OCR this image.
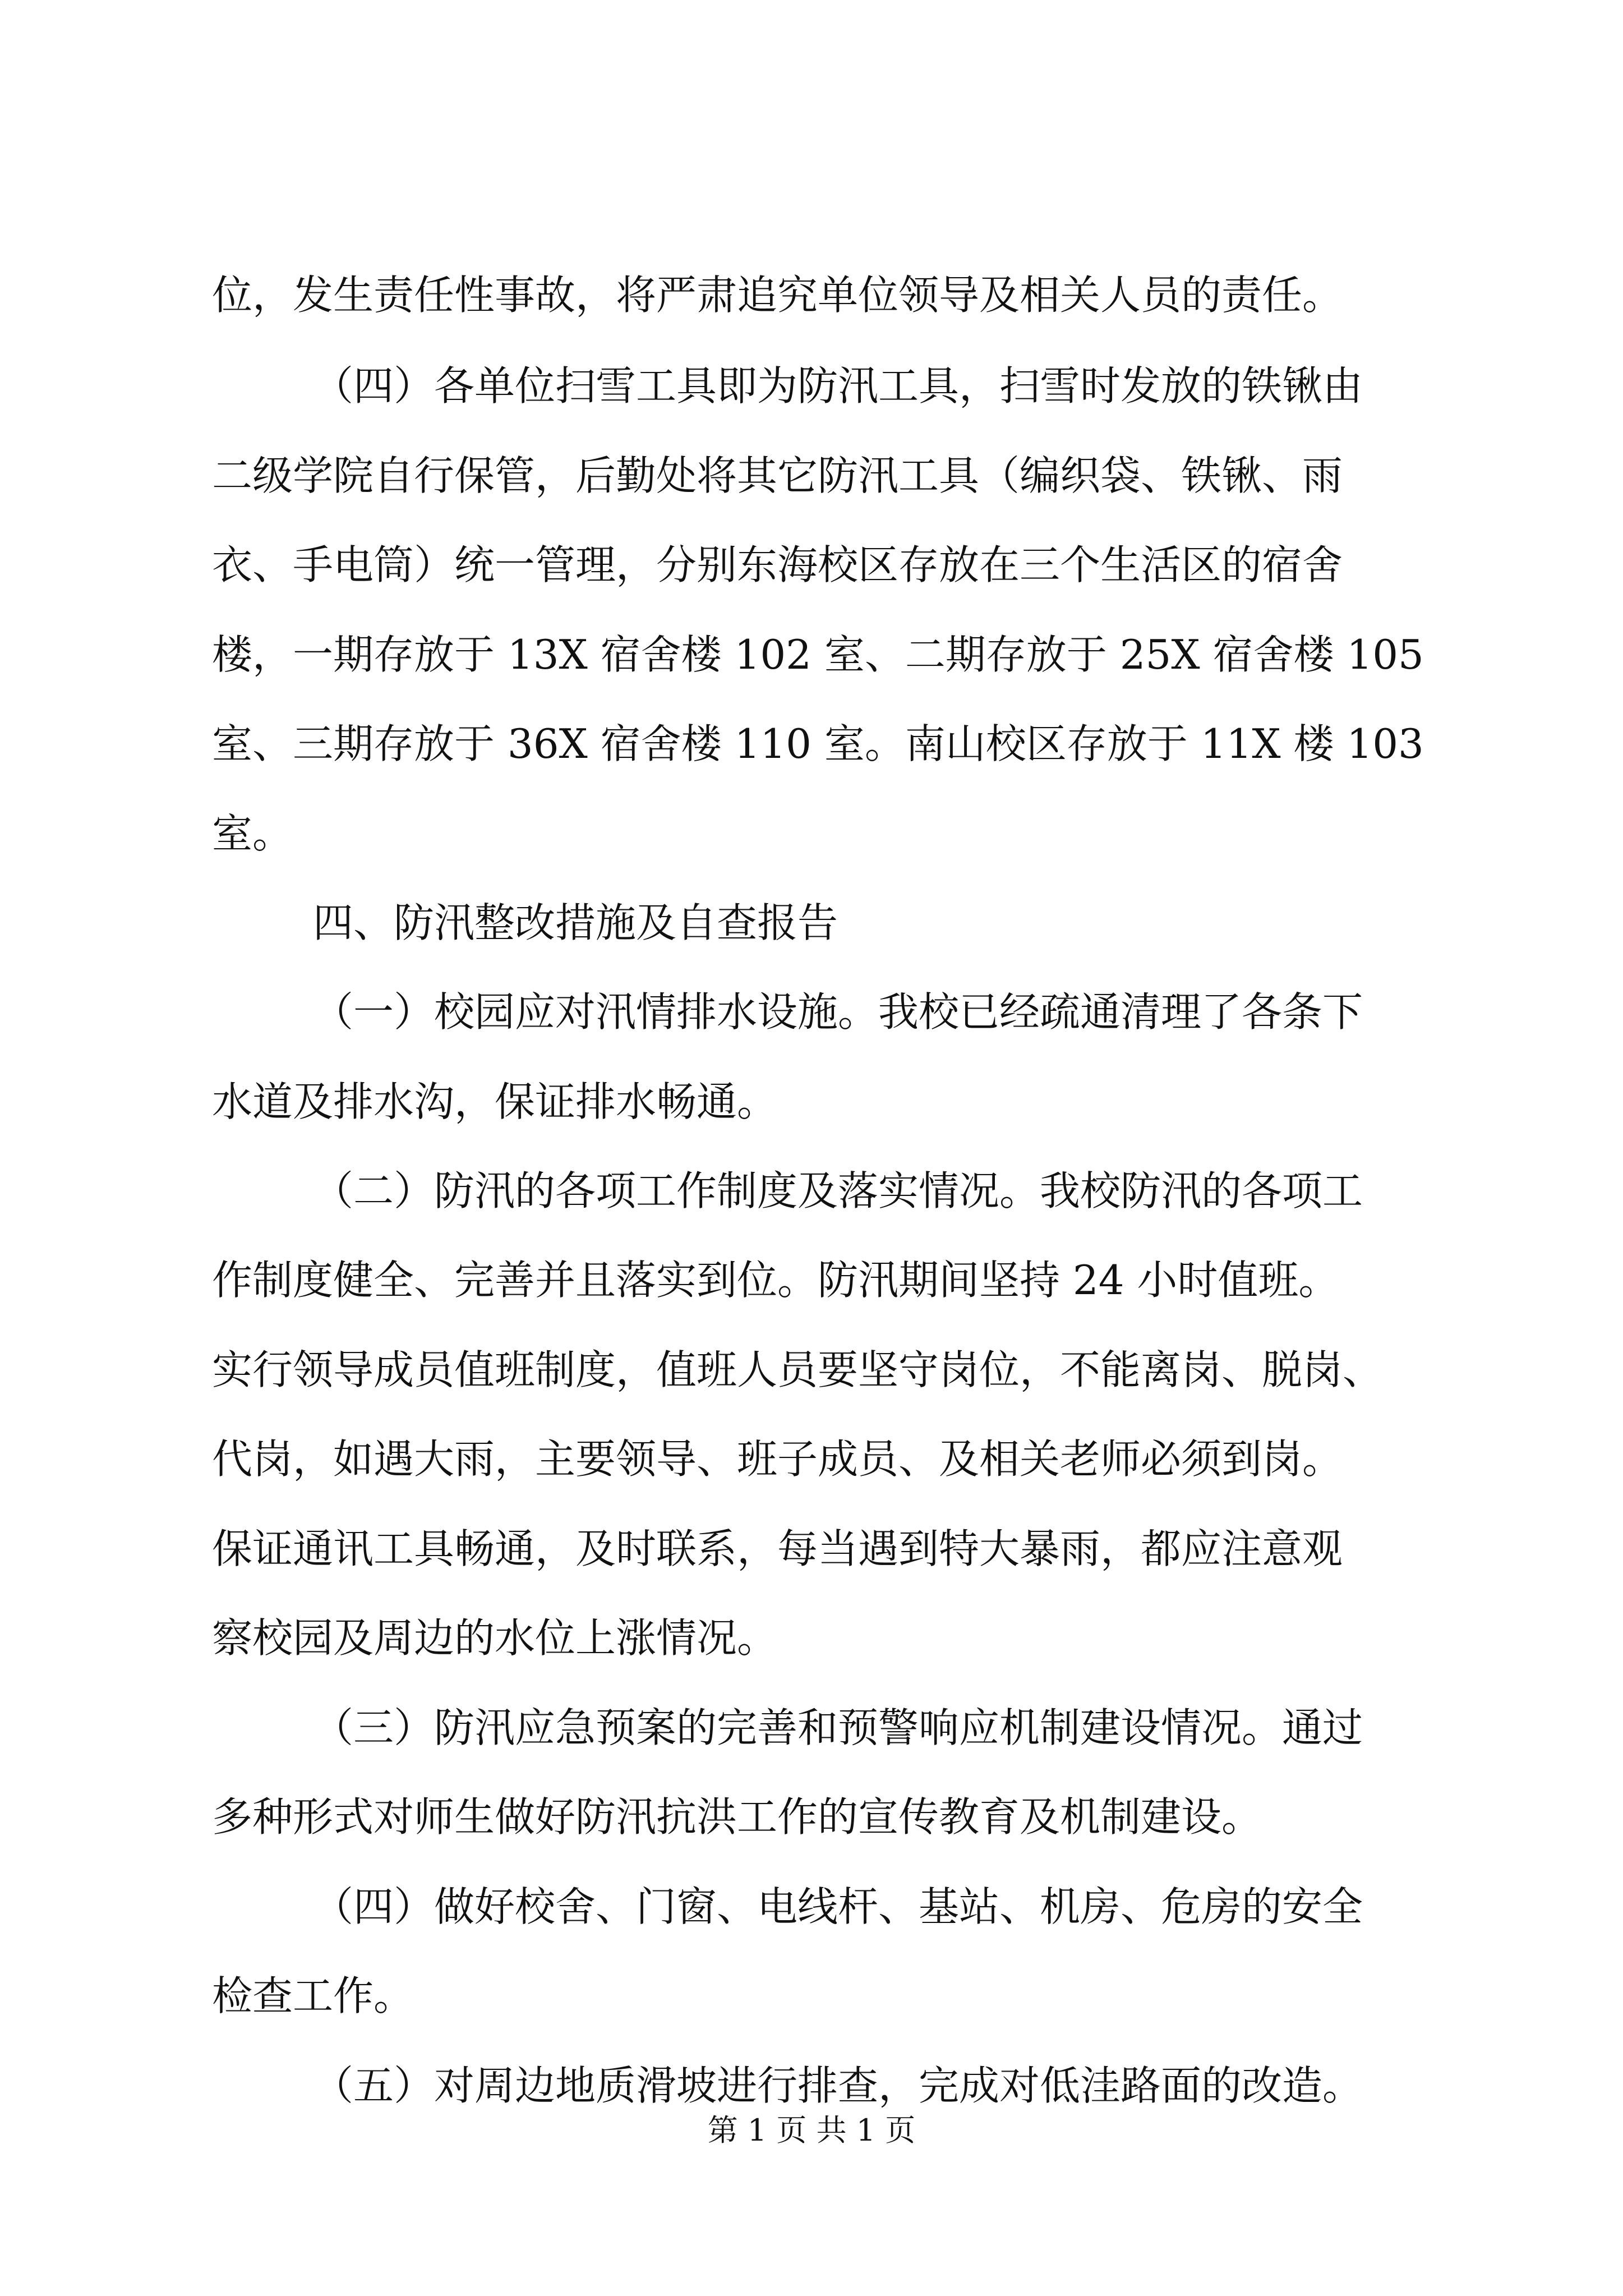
位，发生责任性事故，将严肃追究单位领导及相关人员的责任。
（四）各单位扫雪工具即为防汛工具，扫雪时发放的铁锹由
二级学院自行保管，后勤处将其它防汛工具（编织袋、铁锹、雨
衣、手电筒）统一管理，分别东海校区存放在三个生活区的宿舍
楼，一期存放于 13X 宿舍楼 102 室、二期存放于 25X 宿舍楼 105
室、三期存放于 36X 宿舍楼 110 室。南山校区存放于 11X 楼 103
室。
四、防汛整改措施及自查报告
（一）校园应对汛情排水设施。我校已经疏通清理了各条下
水道及排水沟，保证排水畅通。
（二）防汛的各项工作制度及落实情况。我校防汛的各项工
作制度健全、完善并且落实到位。防汛期间坚持 24 小时值班。
实行领导成员值班制度，值班人员要坚守岗位，不能离岗、脱岗、
代岗，如遇大雨，主要领导、班子成员、及相关老师必须到岗。
保证通讯工具畅通，及时联系，每当遇到特大暴雨，都应注意观
察校园及周边的水位上涨情况。
（三）防汛应急预案的完善和预警响应机制建设情况。通过
多种形式对师生做好防汛抗洪工作的宣传教育及机制建设。
（四）做好校舍、门窗、电线杆、基站、机房、危房的安全
检查工作。
（五）对周边地质滑坡进行排查，完成对低洼路面的改造。
第 1 页 共 1 页
